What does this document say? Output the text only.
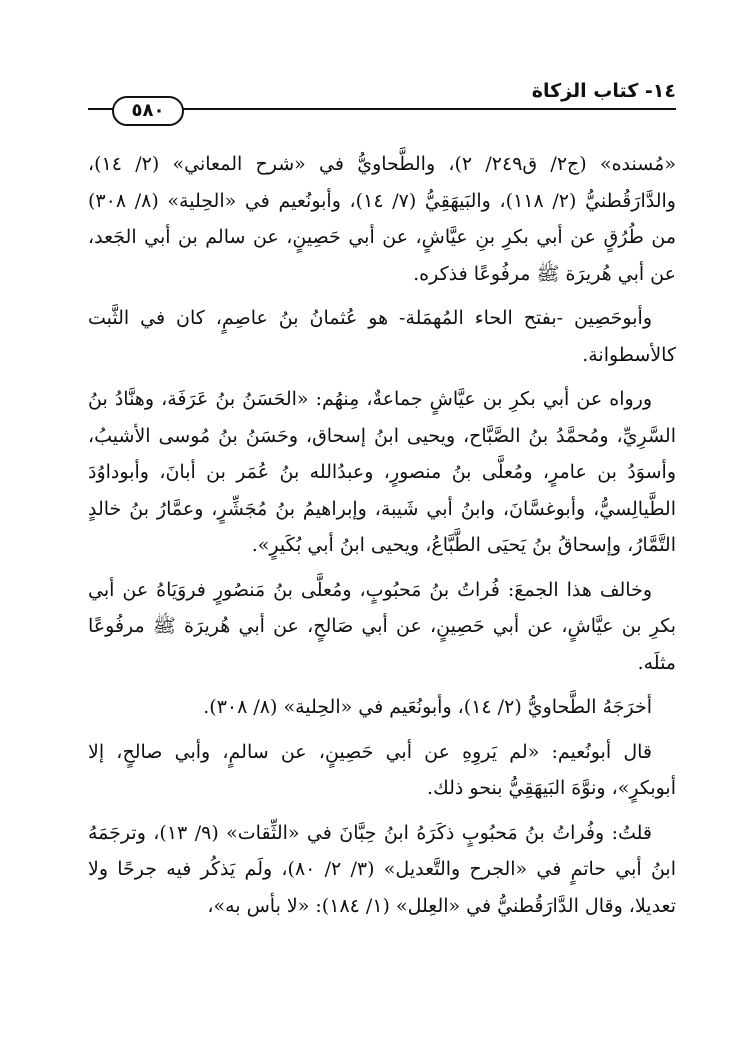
١٤- كتاب الزكاة
٥٨٠

«مُسنده» (ج٢/ ق٢٤٩/ ٢)، والطَّحاويُّ في «شرح المعاني» (٢/ ١٤)، والدَّارَقُطنيُّ (٢/ ١١٨)، والبَيهَقِيُّ (٧/ ١٤)، وأبونُعيم في «الحِلية» (٨/ ٣٠٨) من طُرُقٍ عن أبي بكرِ بنِ عيَّاشٍ، عن أبي حَصِينٍ، عن سالم بن أبي الجَعد، عن أبي هُريرَة ﷺ مرفُوعًا فذكره.

وأبوحَصِين -بفتح الحاء المُهمَلة- هو عُثمانُ بنُ عاصِمٍ، كان في الثَّبت كالأسطوانة.

ورواه عن أبي بكرِ بن عيَّاشٍ جماعةٌ، مِنهُم: «الحَسَنُ بنُ عَرَفَة، وهنَّادُ بنُ السَّرِيِّ، ومُحمَّدُ بنُ الصَّبَّاح، ويحيى ابنُ إسحاق، وحَسَنُ بنُ مُوسى الأشيبُ، وأسوَدُ بن عامرٍ، ومُعلَّى بنُ منصورٍ، وعبدُالله بنُ عُمَر بن أبانَ، وأبوداوُدَ الطَّيالِسيُّ، وأبوغسَّانَ، وابنُ أبي شَيبة، وإبراهيمُ بنُ مُجَشِّرٍ، وعمَّارُ بنُ خالدٍ التَّمَّارُ، وإسحاقُ بنُ يَحيَى الطَّبَّاعُ، ويحيى ابنُ أبي بُكَيرٍ».

وخالف هذا الجمعَ: فُراتُ بنُ مَحبُوبٍ، ومُعلَّى بنُ مَنصُورٍ فروَيَاهُ عن أبي بكرِ بن عيَّاشٍ، عن أبي حَصِينٍ، عن أبي صَالحٍ، عن أبي هُريرَة ﷺ مرفُوعًا مثلَه.

أخرَجَهُ الطَّحاويُّ (٢/ ١٤)، وأبونُعَيم في «الحِلية» (٨/ ٣٠٨).

قال أبونُعيم: «لم يَروِهِ عن أبي حَصِينٍ، عن سالمٍ، وأبي صالحٍ، إلا أبوبكرٍ»، ونوَّهَ البَيهَقِيُّ بنحو ذلك.

قلتُ: وفُراتُ بنُ مَحبُوبٍ ذكَرَهُ ابنُ حِبَّانَ في «الثِّقات» (٩/ ١٣)، وترجَمَهُ ابنُ أبي حاتمٍ في «الجرح والتَّعديل» (٣/ ٢/ ٨٠)، ولَم يَذكُر فيه جرحًا ولا تعديلا، وقال الدَّارَقُطنيُّ في «العِلل» (١/ ١٨٤): «لا بأس به»،
